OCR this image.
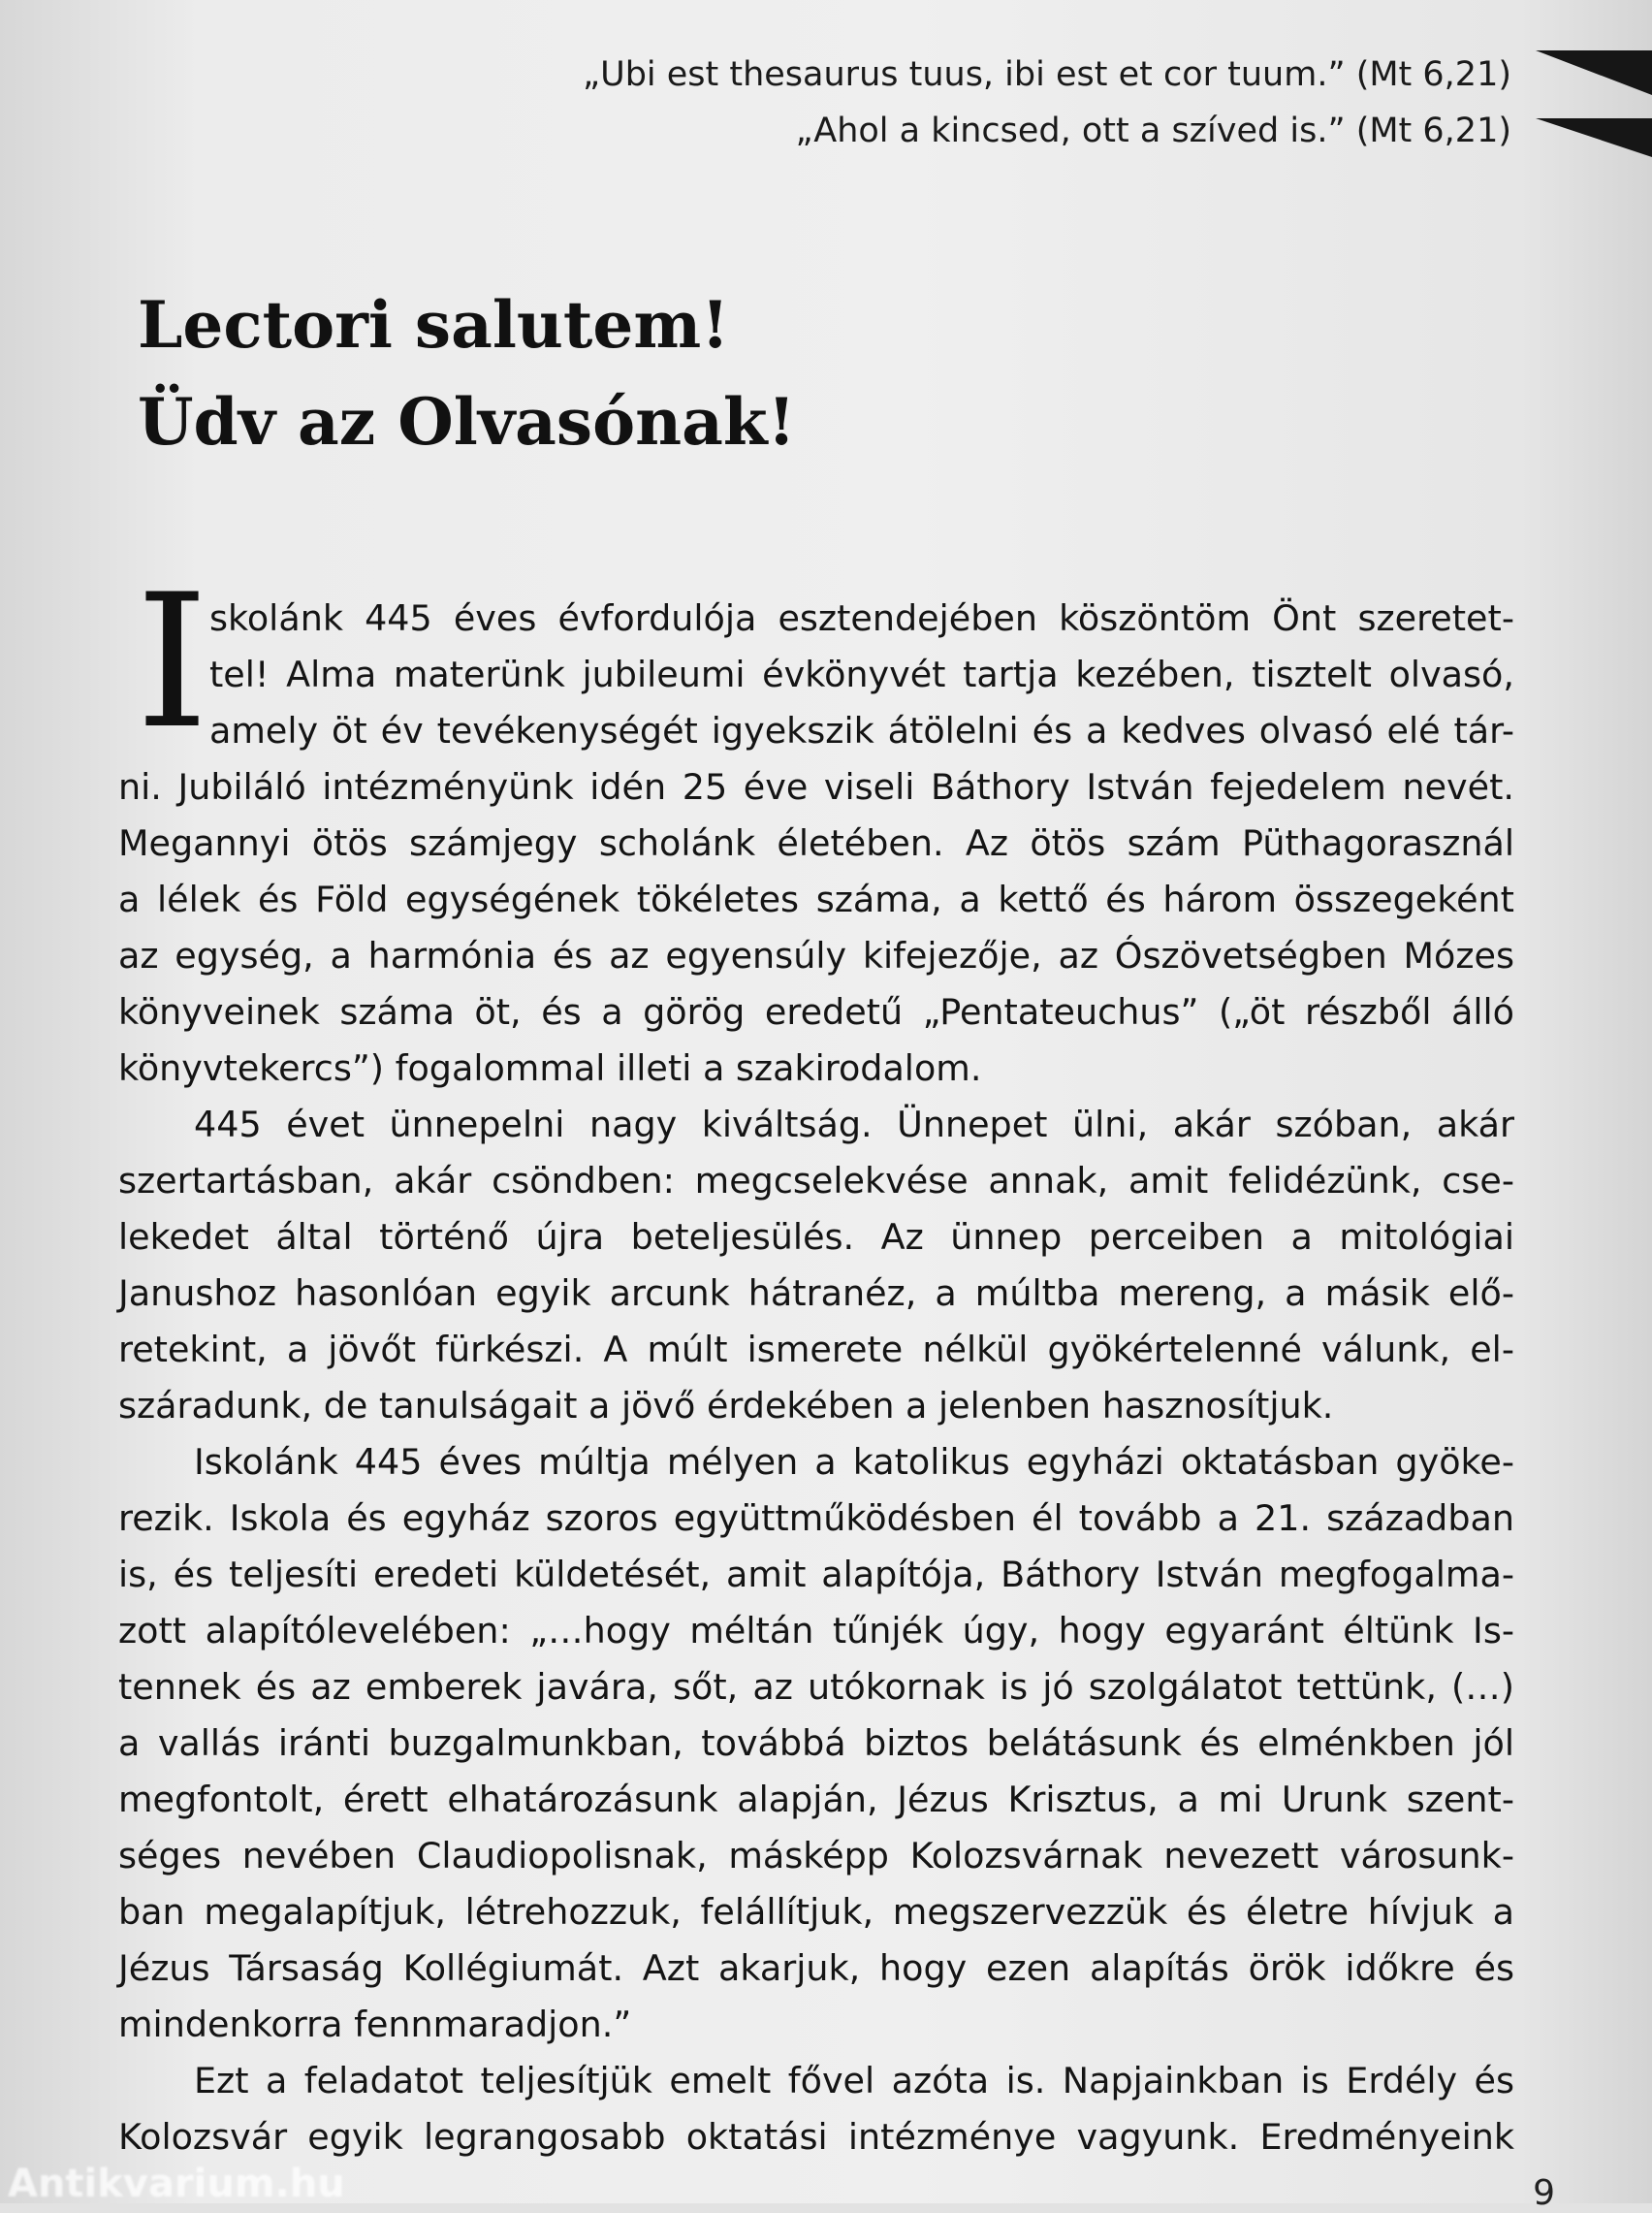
„Ubi est thesaurus tuus, ibi est et cor tuum.” (Mt 6,21)
„Ahol a kincsed, ott a szíved is.” (Mt 6,21)
Lectori salutem!
Üdv az Olvasónak!
I skolánk 445 éves évfordulója esztendejében köszöntöm Önt szeretet-
tel! Alma materünk jubileumi évkönyvét tartja kezében, tisztelt olvasó,
amely öt év tevékenységét igyekszik átölelni és a kedves olvasó elé tár-
ni. Jubiláló intézményünk idén 25 éve viseli Báthory István fejedelem nevét.
Megannyi ötös számjegy scholánk életében. Az ötös szám Püthagorasznál
a lélek és Föld egységének tökéletes száma, a kettő és három összegeként
az egység, a harmónia és az egyensúly kifejezője, az Ószövetségben Mózes
könyveinek száma öt, és a görög eredetű „Pentateuchus” („öt részből álló
könyvtekercs”) fogalommal illeti a szakirodalom.
445 évet ünnepelni nagy kiváltság. Ünnepet ülni, akár szóban, akár
szertartásban, akár csöndben: megcselekvése annak, amit felidézünk, cse-
lekedet által történő újra beteljesülés. Az ünnep perceiben a mitológiai
Janushoz hasonlóan egyik arcunk hátranéz, a múltba mereng, a másik elő-
retekint, a jövőt fürkészi. A múlt ismerete nélkül gyökértelenné válunk, el-
száradunk, de tanulságait a jövő érdekében a jelenben hasznosítjuk.
Iskolánk 445 éves múltja mélyen a katolikus egyházi oktatásban gyöke-
rezik. Iskola és egyház szoros együttműködésben él tovább a 21. században
is, és teljesíti eredeti küldetését, amit alapítója, Báthory István megfogalma-
zott alapítólevelében: „…hogy méltán tűnjék úgy, hogy egyaránt éltünk Is-
tennek és az emberek javára, sőt, az utókornak is jó szolgálatot tettünk, (…)
a vallás iránti buzgalmunkban, továbbá biztos belátásunk és elménkben jól
megfontolt, érett elhatározásunk alapján, Jézus Krisztus, a mi Urunk szent-
séges nevében Claudiopolisnak, másképp Kolozsvárnak nevezett városunk-
ban megalapítjuk, létrehozzuk, felállítjuk, megszervezzük és életre hívjuk a
Jézus Társaság Kollégiumát. Azt akarjuk, hogy ezen alapítás örök időkre és
mindenkorra fennmaradjon.”
Ezt a feladatot teljesítjük emelt fővel azóta is. Napjainkban is Erdély és
Kolozsvár egyik legrangosabb oktatási intézménye vagyunk. Eredményeink
Antikvarium.hu	9
